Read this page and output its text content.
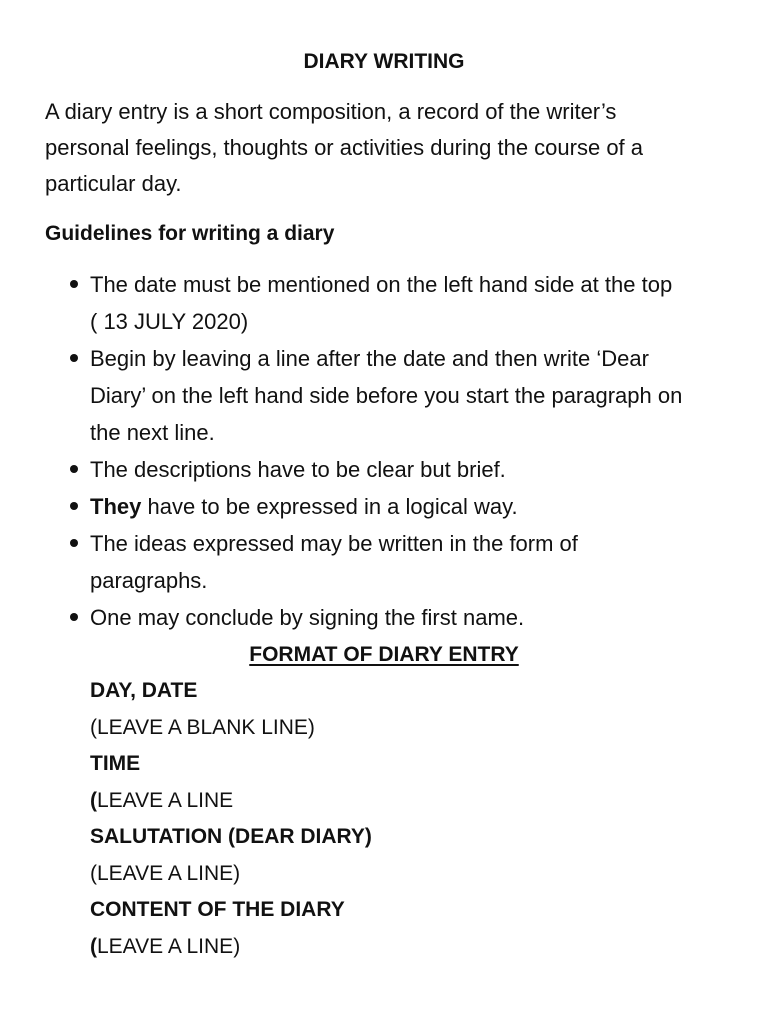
DIARY WRITING
A diary entry is a short composition, a record of the writer’s
personal feelings, thoughts or activities during the course of a
particular day.
Guidelines for writing a diary
The date must be mentioned on the left hand side at the top
( 13 JULY 2020)
Begin by leaving a line after the date and then write ‘Dear
Diary’ on the left hand side before you start the paragraph on
the next line.
The descriptions have to be clear but brief.
They have to be expressed in a logical way.
The ideas expressed may be written in the form of
paragraphs.
One may conclude by signing the first name.
FORMAT OF DIARY ENTRY
DAY, DATE
(LEAVE A BLANK LINE)
TIME
(LEAVE A LINE
SALUTATION (DEAR DIARY)
(LEAVE A LINE)
CONTENT OF THE DIARY
(LEAVE A LINE)
